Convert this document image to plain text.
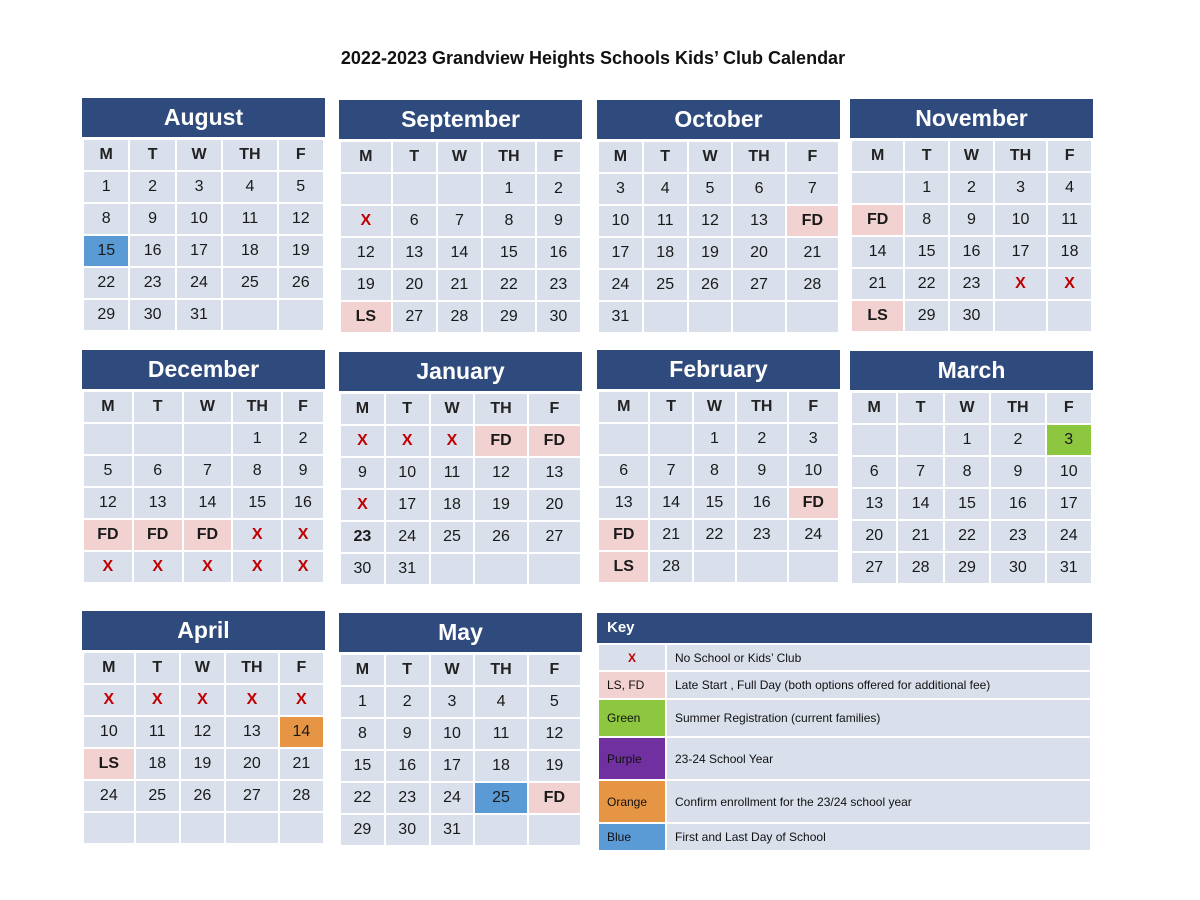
2022-2023 Grandview Heights Schools Kids’ Club Calendar
August
M	T	W	TH	F
1	2	3	4	5
8	9	10	11	12
15	16	17	18	19
22	23	24	25	26
29	30	31		
September
M	T	W	TH	F
			1	2
X	6	7	8	9
12	13	14	15	16
19	20	21	22	23
LS	27	28	29	30
October
M	T	W	TH	F
3	4	5	6	7
10	11	12	13	FD
17	18	19	20	21
24	25	26	27	28
31				
November
M	T	W	TH	F
	1	2	3	4
FD	8	9	10	11
14	15	16	17	18
21	22	23	X	X
LS	29	30		
December
M	T	W	TH	F
			1	2
5	6	7	8	9
12	13	14	15	16
FD	FD	FD	X	X
X	X	X	X	X
January
M	T	W	TH	F
X	X	X	FD	FD
9	10	11	12	13
X	17	18	19	20
23	24	25	26	27
30	31			
February
M	T	W	TH	F
		1	2	3
6	7	8	9	10
13	14	15	16	FD
FD	21	22	23	24
LS	28			
March
M	T	W	TH	F
		1	2	3
6	7	8	9	10
13	14	15	16	17
20	21	22	23	24
27	28	29	30	31
April
M	T	W	TH	F
X	X	X	X	X
10	11	12	13	14
LS	18	19	20	21
24	25	26	27	28

May
M	T	W	TH	F
1	2	3	4	5
8	9	10	11	12
15	16	17	18	19
22	23	24	25	FD
29	30	31		
Key
X	No School or Kids’ Club
LS, FD	Late Start , Full Day (both options offered for additional fee)
Green	Summer Registration (current families)
Purple	23-24 School Year
Orange	Confirm enrollment for the 23/24 school year
Blue	First and Last Day of School
